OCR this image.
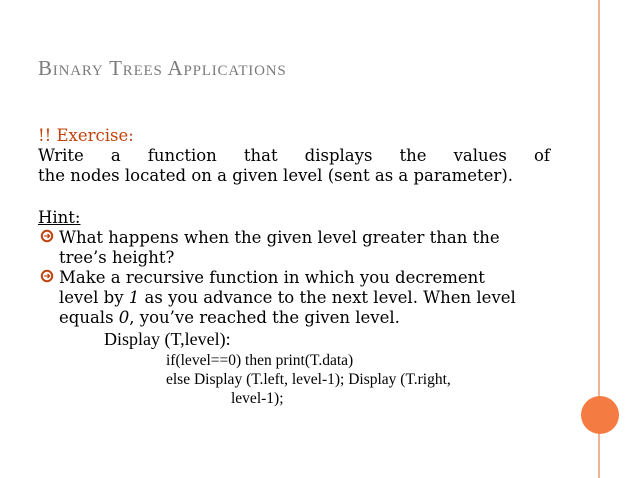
Binary Trees Applications

!! Exercise:

Write a function that displays the values of

the nodes located on a given level (sent as a parameter).

Hint:

What happens when the given level greater than the

tree’s height?

Make a recursive function in which you decrement

level by 1 as you advance to the next level. When level

equals 0, you’ve reached the given level.

Display (T,level):

if(level==0) then print(T.data)

else Display (T.left, level-1); Display (T.right,

level-1);
